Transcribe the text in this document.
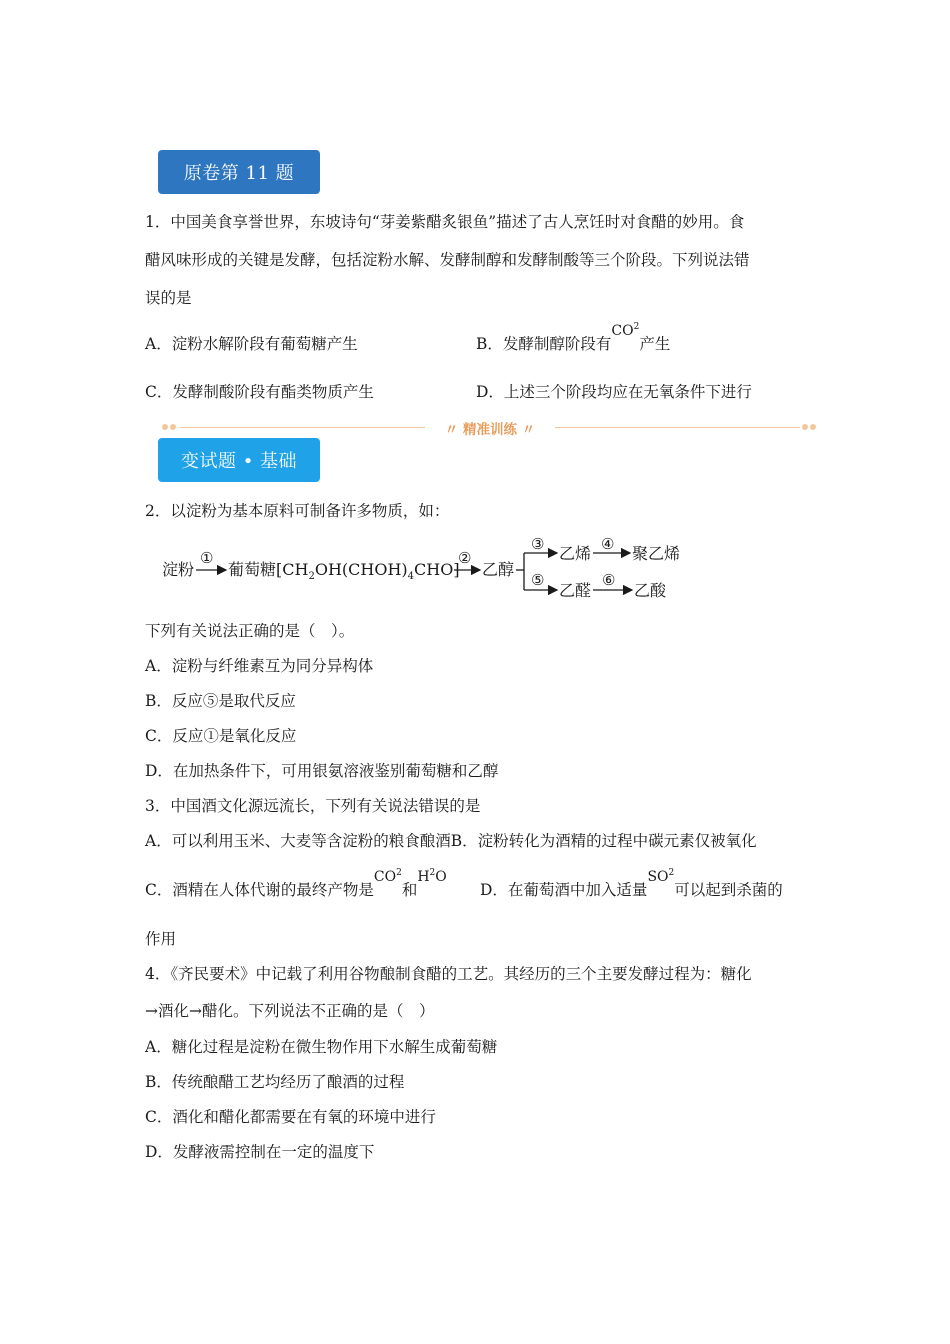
原卷第 11 题
1．中国美食享誉世界，东坡诗句“芽姜紫醋炙银鱼”描述了古人烹饪时对食醋的妙用。食
醋风味形成的关键是发酵，包括淀粉水解、发酵制醇和发酵制酸等三个阶段。下列说法错
误的是
A．淀粉水解阶段有葡萄糖产生	B．发酵制醇阶段有$CO^2$产生
C．发酵制酸阶段有酯类物质产生	D．上述三个阶段均应在无氧条件下进行
〃 精准训练 〃
变试题 • 基础
2．以淀粉为基本原料可制备许多物质，如：
淀粉
①
葡萄糖$[CH_2OH(CHOH)_4CHO]$
②
乙醇
③ 乙烯 ④ 聚乙烯
⑤
乙醛
⑥
乙酸
下列有关说法正确的是（　）。
A．淀粉与纤维素互为同分异构体
B．反应⑤是取代反应
C．反应①是氧化反应
D．在加热条件下，可用银氨溶液鉴别葡萄糖和乙醇
3．中国酒文化源远流长，下列有关说法错误的是
A．可以利用玉米、大麦等含淀粉的粮食酿酒B．淀粉转化为酒精的过程中碳元素仅被氧化
C．酒精在人体代谢的最终产物是$CO^2$和$H^2O$
D．在葡萄酒中加入适量$SO^2$可以起到杀菌的
作用
4．《齐民要术》中记载了利用谷物酿制食醋的工艺。其经历的三个主要发酵过程为：糖化
→酒化→醋化。下列说法不正确的是（　）
A．糖化过程是淀粉在微生物作用下水解生成葡萄糖
B．传统酿醋工艺均经历了酿酒的过程
C．酒化和醋化都需要在有氧的环境中进行
D．发酵液需控制在一定的温度下
